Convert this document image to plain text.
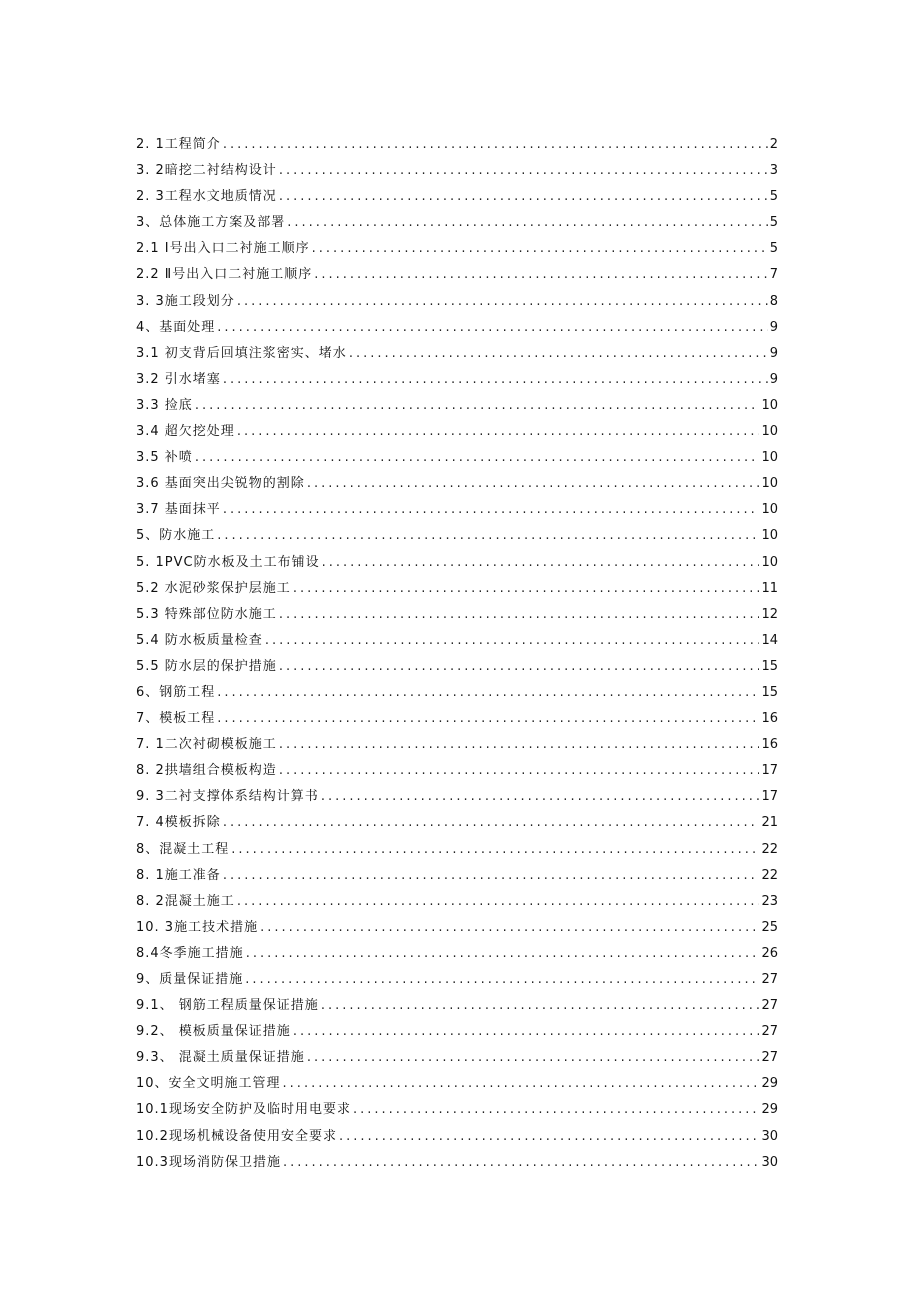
2. 1工程简介 .....	2
3. 2暗挖二衬结构设计 .....	3
2. 3工程水文地质情况 .....	5
3、总体施工方案及部署 .....	5
2.1 Ⅰ号出入口二衬施工顺序 .....	5
2.2 Ⅱ号出入口二衬施工顺序 .....	7
3. 3施工段划分 .....	8
4、基面处理 .....	9
3.1 初支背后回填注浆密实、堵水 .....	9
3.2 引水堵塞 .....	9
3.3 捡底 .....	10
3.4 超欠挖处理 .....	10
3.5 补喷 .....	10
3.6 基面突出尖锐物的割除 .....	10
3.7 基面抹平 .....	10
5、防水施工 .....	10
5. 1PVC防水板及土工布铺设 .....	10
5.2 水泥砂浆保护层施工 .....	11
5.3 特殊部位防水施工 .....	12
5.4 防水板质量检查 .....	14
5.5 防水层的保护措施 .....	15
6、钢筋工程 .....	15
7、模板工程 .....	16
7. 1二次衬砌模板施工 .....	16
8. 2拱墙组合模板构造 .....	17
9. 3二衬支撑体系结构计算书 .....	17
7. 4模板拆除 .....	21
8、混凝土工程 .....	22
8. 1施工准备 .....	22
8. 2混凝土施工 .....	23
10. 3施工技术措施 .....	25
8.4冬季施工措施 .....	26
9、质量保证措施 .....	27
9.1、 钢筋工程质量保证措施 .....	27
9.2、 模板质量保证措施 .....	27
9.3、 混凝土质量保证措施 .....	27
10、安全文明施工管理 .....	29
10.1现场安全防护及临时用电要求 .....	29
10.2现场机械设备使用安全要求 .....	30
10.3现场消防保卫措施 .....	30
